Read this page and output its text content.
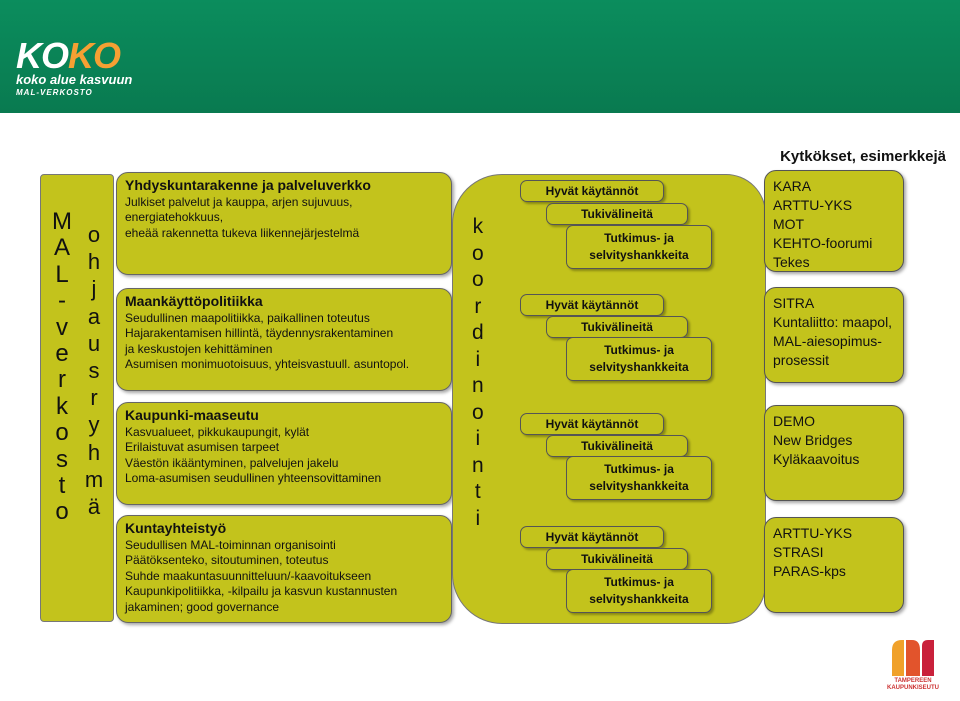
KOKO
koko alue kasvuun
MAL-VERKOSTO
Kytkökset, esimerkkejä
M
A
L
-
v
e
r
k
o
s
t
o
o
h
j
a
u
s
r
y
h
m
ä
Yhdyskuntarakenne ja palveluverkko
Julkiset palvelut ja kauppa, arjen sujuvuus,
energiatehokkuus,
eheää rakennetta tukeva liikennejärjestelmä
Maankäyttöpolitiikka
Seudullinen maapolitiikka, paikallinen toteutus
Hajarakentamisen hillintä, täydennysrakentaminen
ja keskustojen kehittäminen
Asumisen monimuotoisuus, yhteisvastuull. asuntopol.
Kaupunki-maaseutu
Kasvualueet, pikkukaupungit, kylät
Erilaistuvat asumisen tarpeet
Väestön ikääntyminen, palvelujen jakelu
Loma-asumisen seudullinen yhteensovittaminen
Kuntayhteistyö
Seudullisen MAL-toiminnan organisointi
Päätöksenteko, sitoutuminen, toteutus
Suhde maakuntasuunnitteluun/-kaavoitukseen
Kaupunkipolitiikka, -kilpailu ja kasvun kustannusten
jakaminen; good governance
k
o
o
r
d
i
n
o
i
n
t
i
Hyvät käytännöt
Tukivälineitä
Tutkimus- ja
selvityshankkeita
Hyvät käytännöt
Tukivälineitä
Tutkimus- ja
selvityshankkeita
Hyvät käytännöt
Tukivälineitä
Tutkimus- ja
selvityshankkeita
Hyvät käytännöt
Tukivälineitä
Tutkimus- ja
selvityshankkeita
KARA
ARTTU-YKS
MOT
KEHTO-foorumi
Tekes
SITRA
Kuntaliitto: maapol,
MAL-aiesopimus-
prosessit
DEMO
New Bridges
Kyläkaavoitus
ARTTU-YKS
STRASI
PARAS-kps
TAMPEREEN
KAUPUNKISEUTU
